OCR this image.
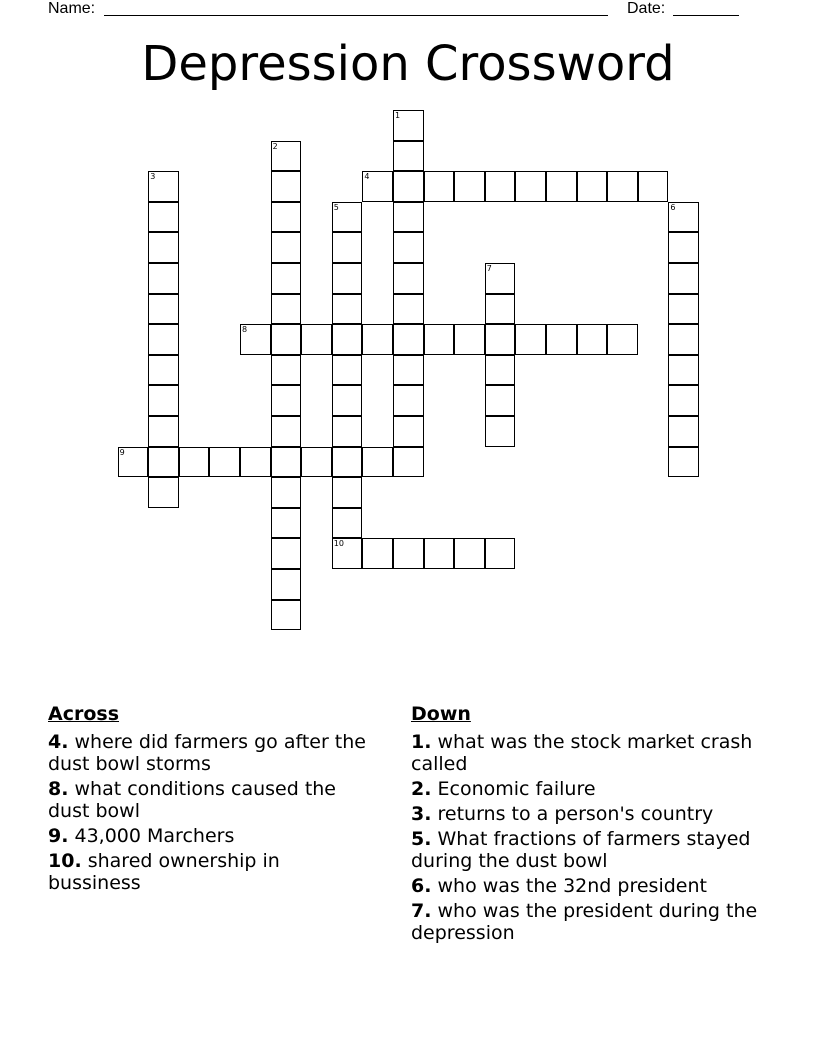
Name:	Date:
Depression Crossword
1
2
3	4
5
10
6
7
8
9
Across
4. where did farmers go after the dust bowl storms
8. what conditions caused the dust bowl
9. 43,000 Marchers
10. shared ownership in bussiness
Down
1. what was the stock market crash called
2. Economic failure
3. returns to a person's country
5. What fractions of farmers stayed during the dust bowl
6. who was the 32nd president
7. who was the president during the depression
